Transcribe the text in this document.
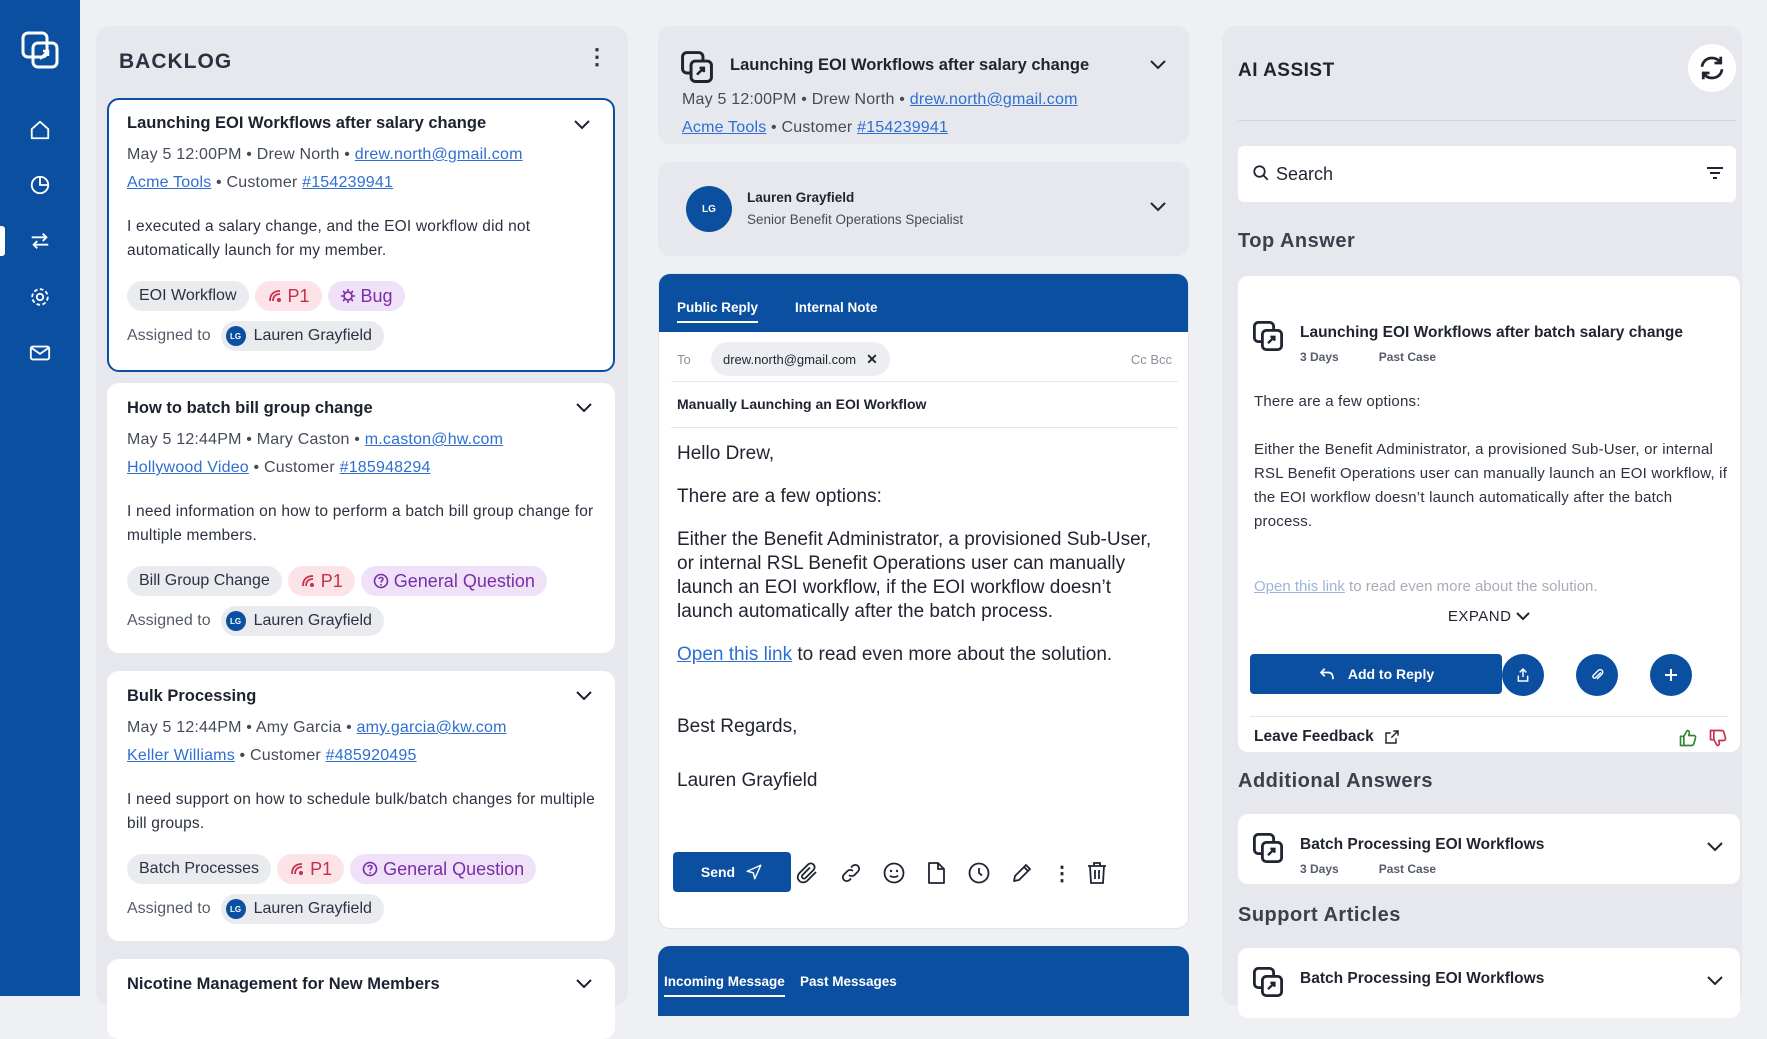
BACKLOG	⋮
Launching EOI Workflows after salary change
May 5 12:00PM • Drew North • drew.north@gmail.com
Acme Tools • Customer #154239941
I executed a salary change, and the EOI workflow did not automatically launch for my member.
EOI Workflow	P1	Bug
Assigned to	LG Lauren Grayfield
How to batch bill group change
May 5 12:44PM • Mary Caston • m.caston@hw.com
Hollywood Video • Customer #185948294
I need information on how to perform a batch bill group change for multiple members.
Bill Group Change	P1	General Question
Assigned to	LG Lauren Grayfield
Bulk Processing
May 5 12:44PM • Amy Garcia • amy.garcia@kw.com
Keller Williams • Customer #485920495
I need support on how to schedule bulk/batch changes for multiple bill groups.
Batch Processes	P1	General Question
Assigned to	LG Lauren Grayfield
Nicotine Management for New Members
Launching EOI Workflows after salary change
May 5 12:00PM • Drew North • drew.north@gmail.com
Acme Tools • Customer #154239941
LG
Lauren Grayfield
Senior Benefit Operations Specialist
Public Reply	Internal Note
To drew.north@gmail.com ✕	Cc Bcc
Manually Launching an EOI Workflow

Hello Drew,

There are a few options:

Either the Benefit Administrator, a provisioned Sub-User, or internal RSL Benefit Operations user can manually launch an EOI workflow, if the EOI workflow doesn’t launch automatically after the batch process.

Open this link to read even more about the solution.

Best Regards,

Lauren Grayfield

Send	⋮
Incoming Message Past Messages
AI ASSIST
Search
Top Answer
Launching EOI Workflows after batch salary change
3 Days	Past Case

There are a few options:

Either the Benefit Administrator, a provisioned Sub-User, or internal RSL Benefit Operations user can manually launch an EOI workflow, if the EOI workflow doesn’t launch automatically after the batch process.

Open this link to read even more about the solution.
EXPAND
Add to Reply
Leave Feedback
Additional Answers
Batch Processing EOI Workflows
3 Days	Past Case
Support Articles
Batch Processing EOI Workflows
